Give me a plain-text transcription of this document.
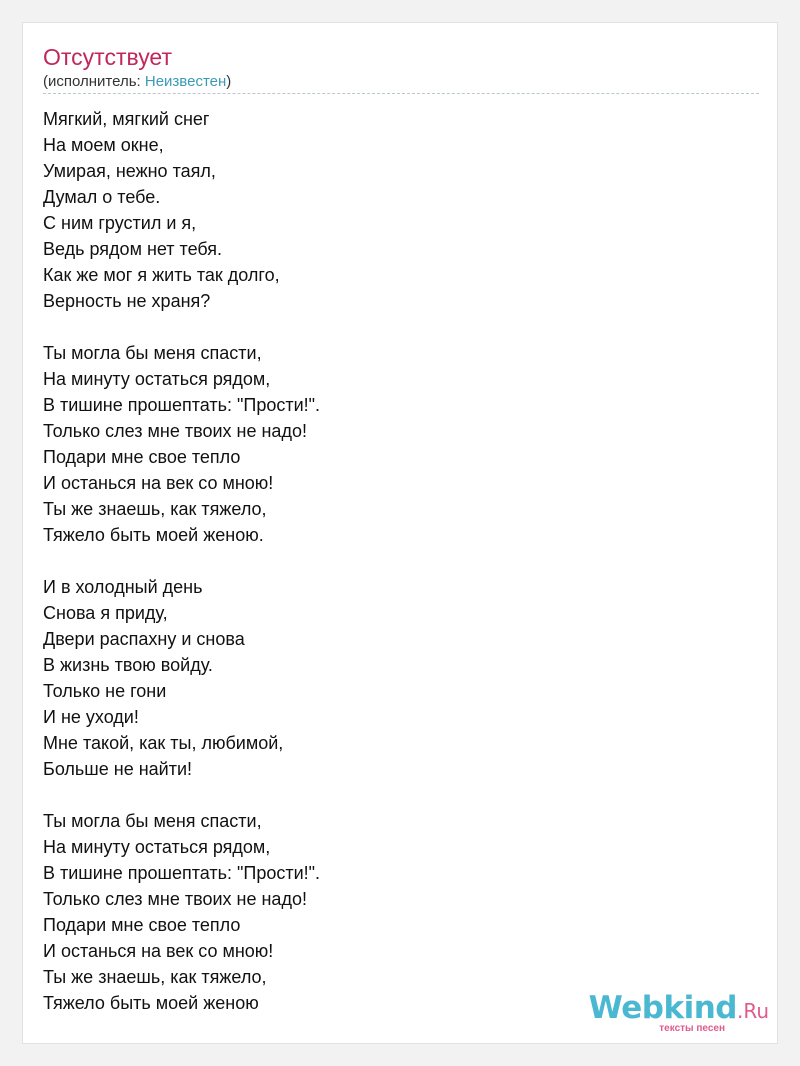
Отсутствует
(исполнитель: Неизвестен)
Мягкий, мягкий снег
На моем окне,
Умирая, нежно таял,
Думал о тебе.
С ним грустил и я,
Ведь рядом нет тебя.
Как же мог я жить так долго,
Верность не храня?
Ты могла бы меня спасти,
На минуту остаться рядом,
В тишине прошептать: "Прости!".
Только слез мне твоих не надо!
Подари мне свое тепло
И останься на век со мною!
Ты же знаешь, как тяжело,
Тяжело быть моей женою.
И в холодный день
Снова я приду,
Двери распахну и снова
В жизнь твою войду.
Только не гони
И не уходи!
Мне такой, как ты, любимой,
Больше не найти!
Ты могла бы меня спасти,
На минуту остаться рядом,
В тишине прошептать: "Прости!".
Только слез мне твоих не надо!
Подари мне свое тепло
И останься на век со мною!
Ты же знаешь, как тяжело,
Тяжело быть моей женою	Webkind.Ru
тексты песен
